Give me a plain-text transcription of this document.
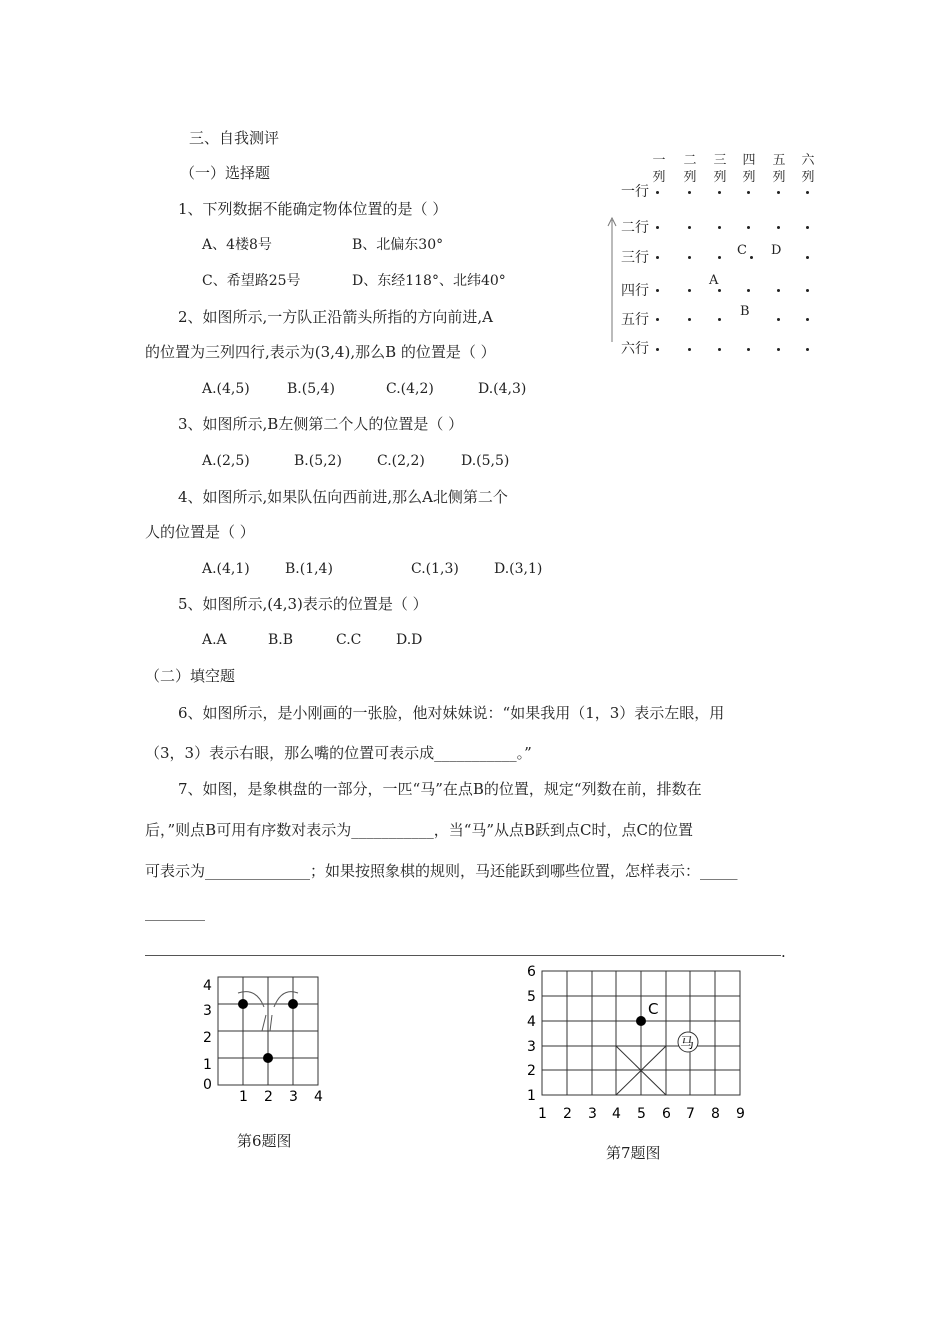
三、自我测评
（一）选择题
1、下列数据不能确定物体位置的是（ ）
A、4楼8号	B、北偏东30°
C、希望路25号	D、东经118°、北纬40°
2、如图所示,一方队正沿箭头所指的方向前进,A
的位置为三列四行,表示为(3,4),那么B 的位置是（ ）
A.(4,5)	B.(5,4)	C.(4,2)	D.(4,3)
3、如图所示,B左侧第二个人的位置是（ ）
A.(2,5)	B.(5,2)	C.(2,2)	D.(5,5)
4、如图所示,如果队伍向西前进,那么A北侧第二个
人的位置是（ ）
A.(4,1)	B.(1,4)	C.(1,3)	D.(3,1)
5、如图所示,(4,3)表示的位置是（ ）
A.A	B.B	C.C D.D
（二）填空题
6、如图所示，是小刚画的一张脸，他对妹妹说：“如果我用（1，3）表示左眼，用
（3，3）表示右眼，那么嘴的位置可表示成___________。”
7、如图，是象棋盘的一部分，一匹“马”在点B的位置，规定“列数在前，排数在
后，”则点B可用有序数对表示为___________，当“马”从点B跃到点C时，点C的位置
可表示为______________；如果按照象棋的规则，马还能跃到哪些位置，怎样表示：_____
________
.
一
列
二
列
三
列
四
列
五
列
六
列
一行
二行
三行
四行
五行
六行
C D
A
B
4
3
2
1
0
1 2 3 4
第6题图
C
马
6
5
4
3
2
1
1 2 3 4 5 6 7 8 9
第7题图
